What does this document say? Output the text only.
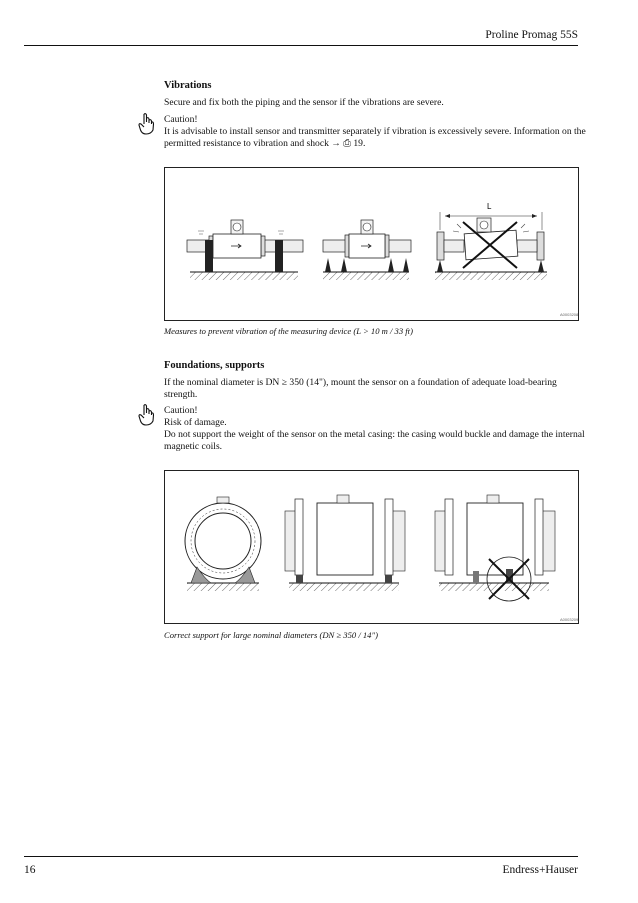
Proline Promag 55S
Vibrations
Secure and fix both the piping and the sensor if the vibrations are severe.
Caution!
It is advisable to install sensor and transmitter separately if vibration is excessively severe. Information on the
permitted resistance to vibration and shock → ⎙ 19.
L
A0003208
Measures to prevent vibration of the measuring device (L > 10 m / 33 ft)
Foundations, supports
If the nominal diameter is DN ≥ 350 (14"), mount the sensor on a foundation of adequate load-bearing
strength.
Caution!
Risk of damage.
Do not support the weight of the sensor on the metal casing: the casing would buckle and damage the internal
magnetic coils.
A0003209
Correct support for large nominal diameters (DN ≥ 350 / 14")
16	Endress+Hauser
